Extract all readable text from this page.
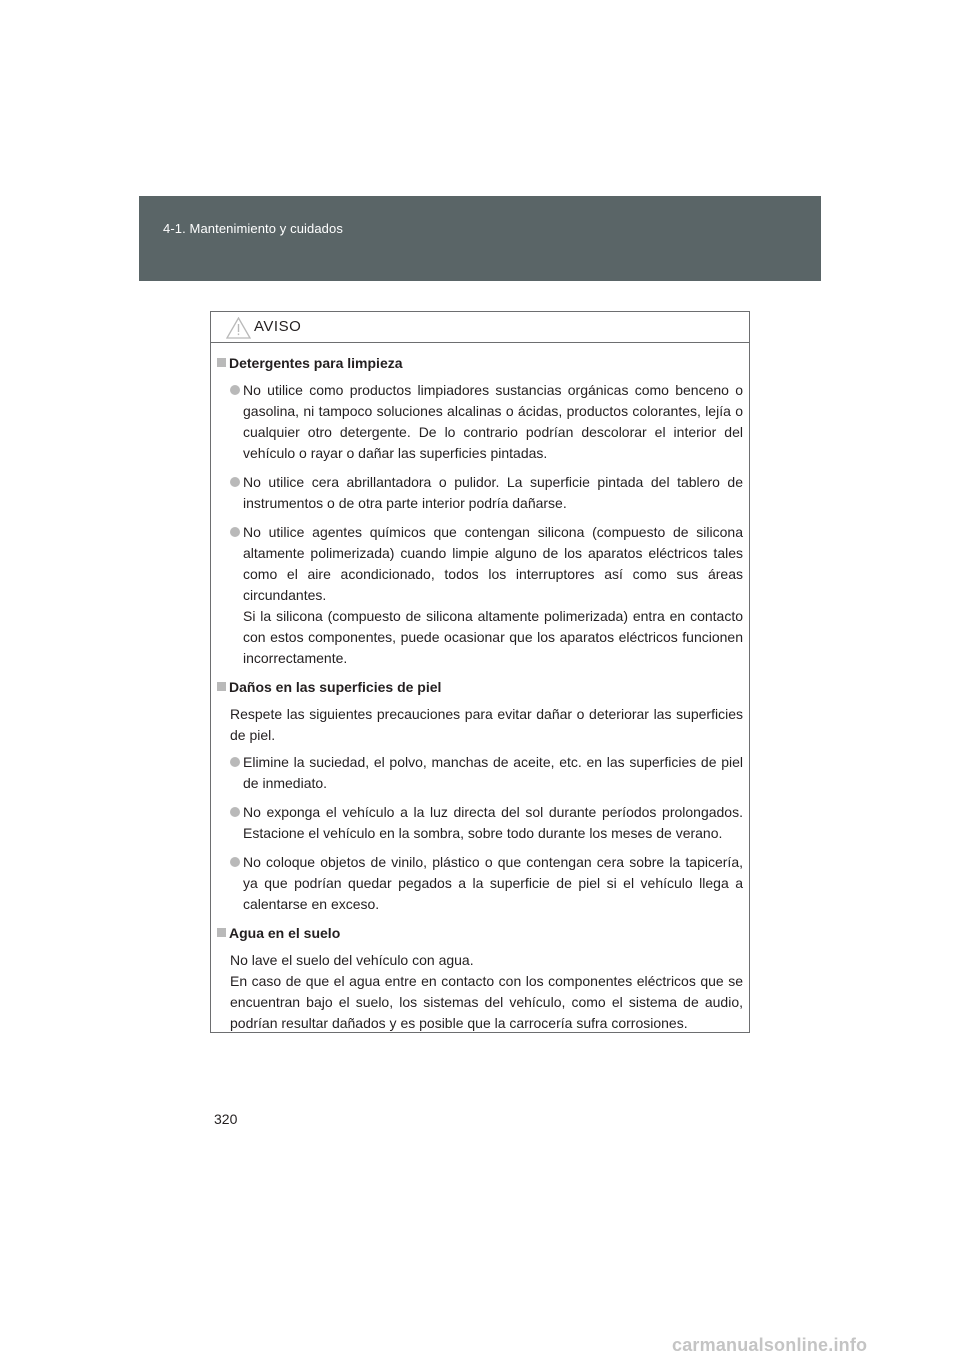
4-1. Mantenimiento y cuidados
AVISO
Detergentes para limpieza
No utilice como productos limpiadores sustancias orgánicas como benceno o gasolina, ni tampoco soluciones alcalinas o ácidas, productos colorantes, lejía o cualquier otro detergente. De lo contrario podrían descolorar el interior del vehículo o rayar o dañar las superficies pintadas.
No utilice cera abrillantadora o pulidor. La superficie pintada del tablero de instrumentos o de otra parte interior podría dañarse.
No utilice agentes químicos que contengan silicona (compuesto de silicona altamente polimerizada) cuando limpie alguno de los aparatos eléctricos tales como el aire acondicionado, todos los interruptores así como sus áreas circundantes.
Si la silicona (compuesto de silicona altamente polimerizada) entra en contacto con estos componentes, puede ocasionar que los aparatos eléctricos funcionen incorrectamente.
Daños en las superficies de piel
Respete las siguientes precauciones para evitar dañar o deteriorar las superficies de piel.
Elimine la suciedad, el polvo, manchas de aceite, etc. en las superficies de piel de inmediato.
No exponga el vehículo a la luz directa del sol durante períodos prolongados. Estacione el vehículo en la sombra, sobre todo durante los meses de verano.
No coloque objetos de vinilo, plástico o que contengan cera sobre la tapicería, ya que podrían quedar pegados a la superficie de piel si el vehículo llega a calentarse en exceso.
Agua en el suelo
No lave el suelo del vehículo con agua.
En caso de que el agua entre en contacto con los componentes eléctricos que se encuentran bajo el suelo, los sistemas del vehículo, como el sistema de audio, podrían resultar dañados y es posible que la carrocería sufra corrosiones.
320
carmanualsonline.info
